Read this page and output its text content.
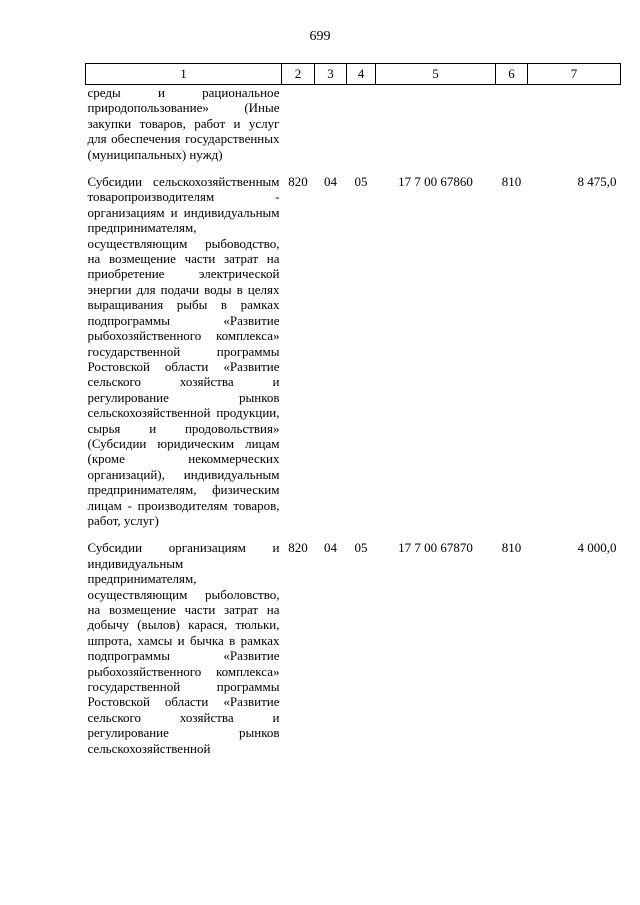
699
1	2	3	4	5	6	7
среды и рациональное природопользование» (Иные закупки товаров, работ и услуг для обеспечения государственных (муниципальных) нужд)						
Субсидии сельскохозяйственным товаропроизводителям - организациям и индивидуальным предпринимателям, осуществляющим рыбоводство, на возмещение части затрат на приобретение электрической энергии для подачи воды в целях выращивания рыбы в рамках подпрограммы «Развитие рыбохозяйственного комплекса» государственной программы Ростовской области «Развитие сельского хозяйства и регулирование рынков сельскохозяйственной продукции, сырья и продовольствия» (Субсидии юридическим лицам (кроме некоммерческих организаций), индивидуальным предпринимателям, физическим лицам - производителям товаров, работ, услуг)	820	04	05	17 7 00 67860	810	8 475,0
Субсидии организациям и индивидуальным предпринимателям, осуществляющим рыболовство, на возмещение части затрат на добычу (вылов) карася, тюльки, шпрота, хамсы и бычка в рамках подпрограммы «Развитие рыбохозяйственного комплекса» государственной программы Ростовской области «Развитие сельского хозяйства и регулирование рынков сельскохозяйственной	820	04	05	17 7 00 67870	810	4 000,0
